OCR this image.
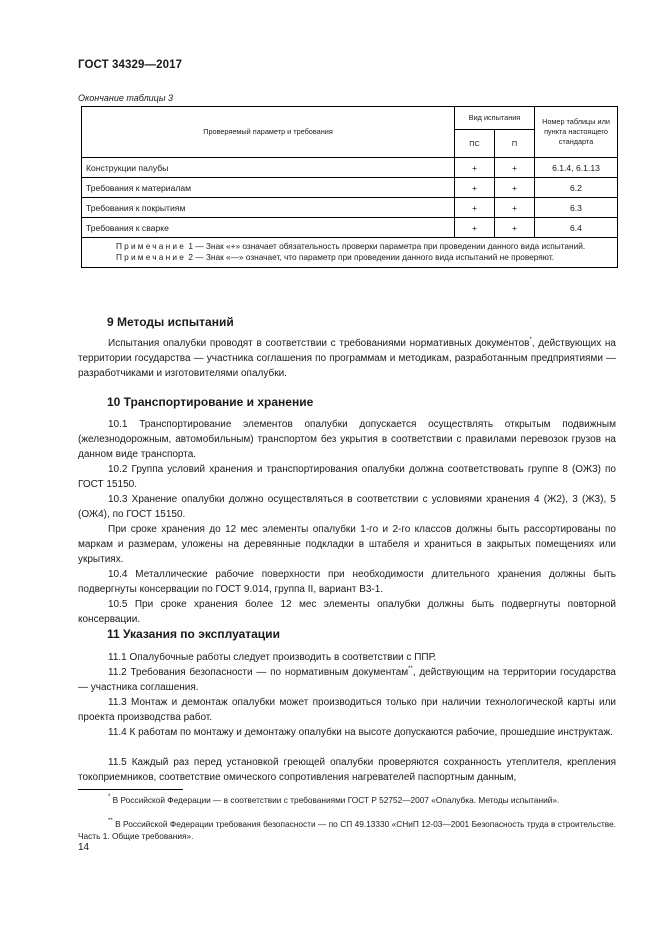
ГОСТ 34329—2017
Окончание таблицы 3
Проверяемый параметр и требования	Вид испытания		Номер таблицы или пункта настоящего стандарта
	ПС	П	
Конструкции палубы	+	+	6.1.4, 6.1.13
Требования к материалам	+	+	6.2
Требования к покрытиям	+	+	6.3
Требования к сварке	+	+	6.4

Примечание 1 — Знак «+» означает обязательность проверки параметра при проведении данного вида испытаний.

Примечание 2 — Знак «—» означает, что параметр при проведении данного вида испытаний не проверяют.			

9 Методы испытаний

Испытания опалубки проводят в соответствии с требованиями нормативных документов*, действующих на территории государства — участника соглашения по программам и методикам, разработанным предприятиями — разработчиками и изготовителями опалубки.

10 Транспортирование и хранение

10.1 Транспортирование элементов опалубки допускается осуществлять открытым подвижным (железнодорожным, автомобильным) транспортом без укрытия в соответствии с правилами перевозок грузов на данном виде транспорта.

10.2 Группа условий хранения и транспортирования опалубки должна соответствовать группе 8 (ОЖ3) по ГОСТ 15150.

10.3 Хранение опалубки должно осуществляться в соответствии с условиями хранения 4 (Ж2), 3 (Ж3), 5 (ОЖ4), по ГОСТ 15150.

При сроке хранения до 12 мес элементы опалубки 1-го и 2-го классов должны быть рассортированы по маркам и размерам, уложены на деревянные подкладки в штабеля и храниться в закрытых помещениях или укрытиях.

10.4 Металлические рабочие поверхности при необходимости длительного хранения должны быть подвергнуты консервации по ГОСТ 9.014, группа II, вариант В3-1.

10.5 При сроке хранения более 12 мес элементы опалубки должны быть подвергнуты повторной консервации.

11 Указания по эксплуатации

11.1 Опалубочные работы следует производить в соответствии с ППР.

11.2 Требования безопасности — по нормативным документам**, действующим на территории государства — участника соглашения.

11.3 Монтаж и демонтаж опалубки может производиться только при наличии технологической карты или проекта производства работ.

11.4 К работам по монтажу и демонтажу опалубки на высоте допускаются рабочие, прошедшие инструктаж.

11.5 Каждый раз перед установкой греющей опалубки проверяются сохранность утеплителя, крепления токоприемников, соответствие омического сопротивления нагревателей паспортным данным,

* В Российской Федерации — в соответствии с требованиями ГОСТ Р 52752—2007 «Опалубка. Методы испытаний».

** В Российской Федерации требования безопасности — по СП 49.13330 «СНиП 12-03—2001 Безопасность труда в строительстве. Часть 1. Общие требования».

14
